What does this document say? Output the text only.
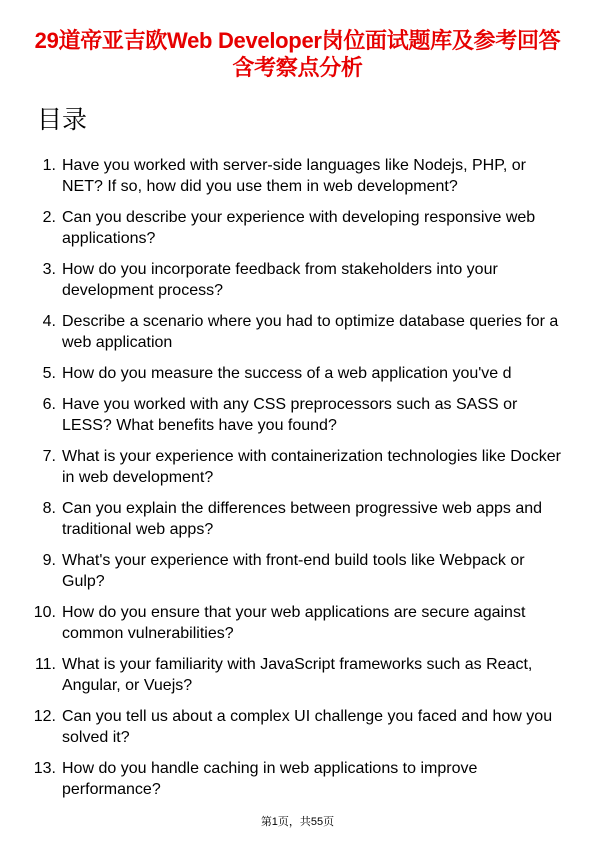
29道帝亚吉欧Web Developer岗位面试题库及参考回答含考察点分析
目录
1. Have you worked with server-side languages like Nodejs, PHP, or NET? If so, how did you use them in web development?
2. Can you describe your experience with developing responsive web applications?
3. How do you incorporate feedback from stakeholders into your development process?
4. Describe a scenario where you had to optimize database queries for a web application
5. How do you measure the success of a web application you've d
6. Have you worked with any CSS preprocessors such as SASS or LESS? What benefits have you found?
7. What is your experience with containerization technologies like Docker in web development?
8. Can you explain the differences between progressive web apps and traditional web apps?
9. What's your experience with front-end build tools like Webpack or Gulp?
10. How do you ensure that your web applications are secure against common vulnerabilities?
11. What is your familiarity with JavaScript frameworks such as React, Angular, or Vuejs?
12. Can you tell us about a complex UI challenge you faced and how you solved it?
13. How do you handle caching in web applications to improve performance?
第1页，共55页
